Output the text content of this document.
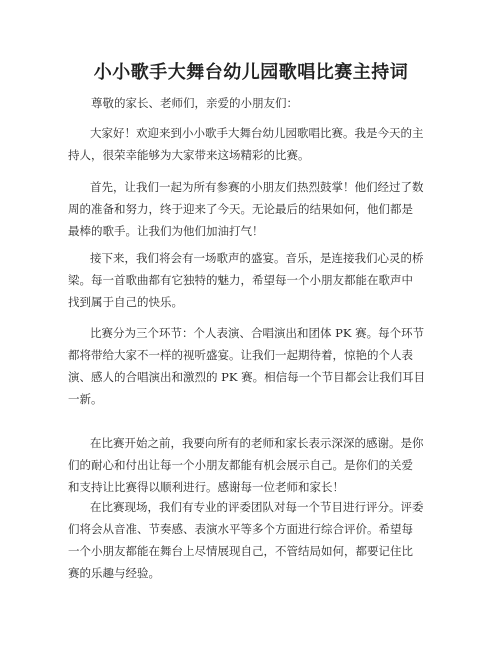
小小歌手大舞台幼儿园歌唱比赛主持词
尊敬的家长、老师们，亲爱的小朋友们：
大家好！欢迎来到小小歌手大舞台幼儿园歌唱比赛。我是今天的主
持人，很荣幸能够为大家带来这场精彩的比赛。
首先，让我们一起为所有参赛的小朋友们热烈鼓掌！他们经过了数
周的准备和努力，终于迎来了今天。无论最后的结果如何，他们都是
最棒的歌手。让我们为他们加油打气！
接下来，我们将会有一场歌声的盛宴。音乐，是连接我们心灵的桥
梁。每一首歌曲都有它独特的魅力，希望每一个小朋友都能在歌声中
找到属于自己的快乐。
比赛分为三个环节：个人表演、合唱演出和团体 PK 赛。每个环节
都将带给大家不一样的视听盛宴。让我们一起期待着，惊艳的个人表
演、感人的合唱演出和激烈的 PK 赛。相信每一个节目都会让我们耳目
一新。
在比赛开始之前，我要向所有的老师和家长表示深深的感谢。是你
们的耐心和付出让每一个小朋友都能有机会展示自己。是你们的关爱
和支持让比赛得以顺利进行。感谢每一位老师和家长！
在比赛现场，我们有专业的评委团队对每一个节目进行评分。评委
们将会从音准、节奏感、表演水平等多个方面进行综合评价。希望每
一个小朋友都能在舞台上尽情展现自己，不管结局如何，都要记住比
赛的乐趣与经验。
